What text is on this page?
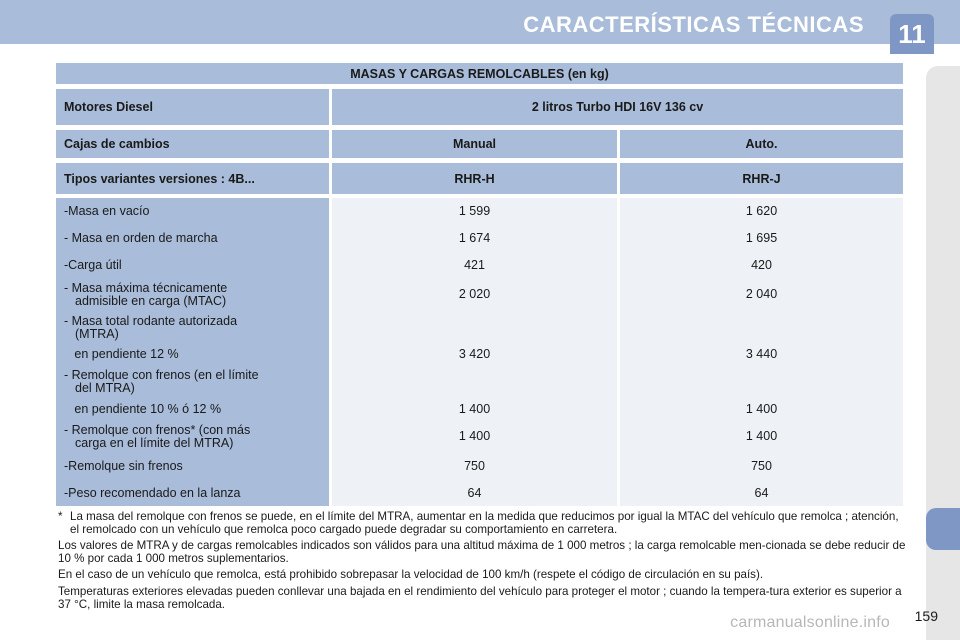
CARACTERÍSTICAS TÉCNICAS	11
MASAS Y CARGAS REMOLCABLES (en kg)
Motores Diesel	2 litros Turbo HDI 16V 136 cv
Cajas de cambios	Manual	Auto.
Tipos variantes versiones : 4B...	RHR-H	RHR-J
-Masa en vacío	1 599	1 620
- Masa en orden de marcha	1 674	1 695
-Carga útil	421	420
- Masa máxima técnicamente
admisible en carga (MTAC)	2 020	2 040
- Masa total rodante autorizada
(MTRA)
en pendiente 12 %	3 420	3 440
- Remolque con frenos (en el límite
del MTRA)
en pendiente 10 % ó 12 %	1 400	1 400
- Remolque con frenos* (con más
carga en el límite del MTRA)	1 400	1 400
-Remolque sin frenos	750	750
-Peso recomendado en la lanza	64	64

* La masa del remolque con frenos se puede, en el límite del MTRA, aumentar en la medida que reducimos por igual la MTAC del vehículo que remolca ; atención, el remolcado con un vehículo que remolca poco cargado puede degradar su comportamiento en carretera.

Los valores de MTRA y de cargas remolcables indicados son válidos para una altitud máxima de 1 000 metros ; la carga remolcable men-cionada se debe reducir de 10 % por cada 1 000 metros suplementarios.

En el caso de un vehículo que remolca, está prohibido sobrepasar la velocidad de 100 km/h (respete el código de circulación en su país).

Temperaturas exteriores elevadas pueden conllevar una bajada en el rendimiento del vehículo para proteger el motor ; cuando la tempera-tura exterior es superior a 37 °C, limite la masa remolcada.

carmanualsonline.info 159
